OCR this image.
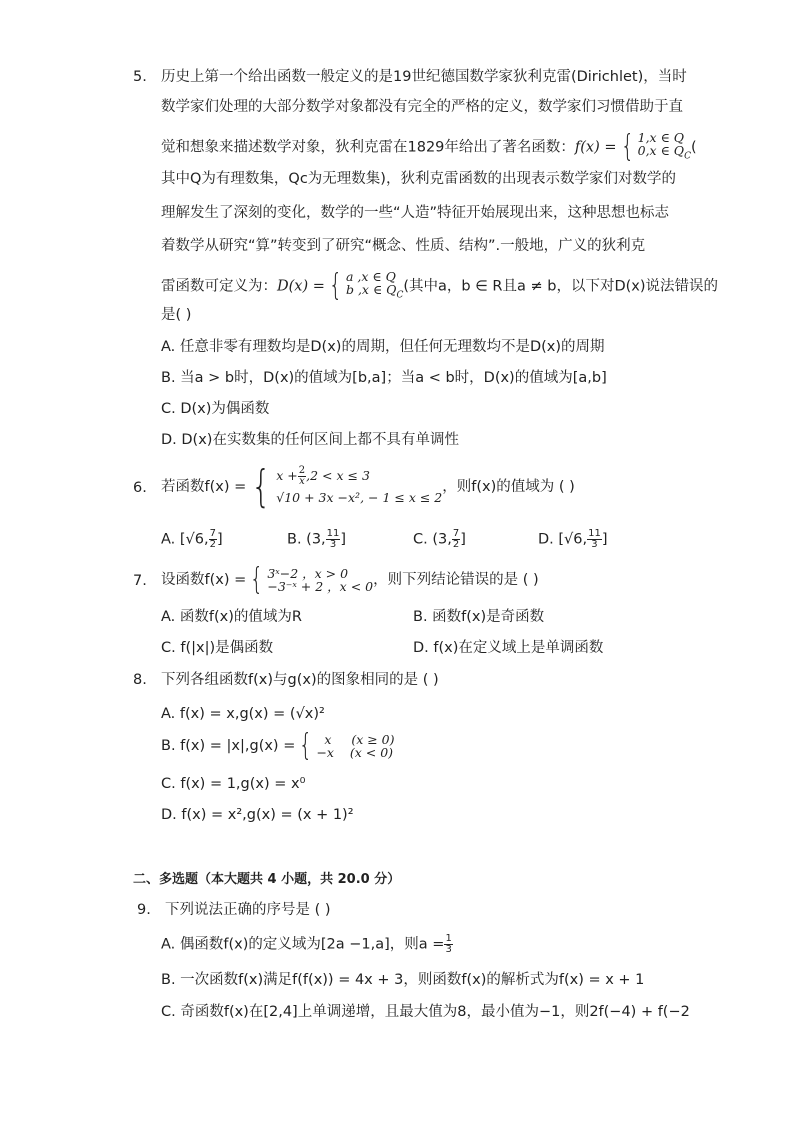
5. 历史上第一个给出函数一般定义的是19世纪德国数学家狄利克雷(Dirichlet)，当时
数学家们处理的大部分数学对象都没有完全的严格的定义，数学家们习惯借助于直
觉和想象来描述数学对象，狄利克雷在1829年给出了著名函数：f(x) = { 1,x ∈ Q
0,x ∈ $Q_C$
(
其中Q为有理数集，Qc为无理数集)，狄利克雷函数的出现表示数学家们对数学的
理解发生了深刻的变化，数学的一些“人造”特征开始展现出来，这种思想也标志
着数学从研究“算”转变到了研究“概念、性质、结构”.一般地，广义的狄利克
雷函数可定义为：D(x) = { a ,x ∈ Q
b ,x ∈ $Q_C$
(其中a，b ∈ R且a ≠ b，以下对D(x)说法错误的
是( )
A. 任意非零有理数均是D(x)的周期，但任何无理数均不是D(x)的周期
B. 当a > b时，D(x)的值域为[b,a]；当a < b时，D(x)的值域为[a,b]
C. D(x)为偶函数
D. D(x)在实数集的任何区间上都不具有单调性
6. 若函数f(x) = { $x + \frac{2}{x} ,2 < x \le 3$
√10 + 3x −x², − 1 ≤ x ≤ 2
，则f(x)的值域为 ( )
A. [√6, $\frac{7}{2}$ ]	B. (3, $\frac{11}{3}$ ]	C. (3, $\frac{7}{2}$ ]	D. [√6, $\frac{11}{3}$ ]
7. 设函数f(x) = { 3ˣ−2 ，x > 0
−3⁻ˣ + 2 ，x < 0 ，则下列结论错误的是 ( )
A. 函数f(x)的值域为R	B. 函数f(x)是奇函数
C. f(|x|)是偶函数	D. f(x)在定义域上是单调函数
8. 下列各组函数f(x)与g(x)的图象相同的是 ( )
A. f(x) = x,g(x) = (√x)²
B. f(x) = |x|,g(x) = { x     (x ≥ 0)
−x    (x < 0)
C. f(x) = 1,g(x) = x⁰
D. f(x) = x²,g(x) = (x + 1)²
二、多选题（本大题共 4 小题，共 20.0 分）
9. 下列说法正确的序号是 ( )
A. 偶函数f(x)的定义域为[2a −1,a]，则$a = \frac{1}{3}$
B. 一次函数f(x)满足f(f(x)) = 4x + 3，则函数f(x)的解析式为f(x) = x + 1
C. 奇函数f(x)在[2,4]上单调递增，且最大值为8，最小值为−1，则2f(−4) + f(−2
